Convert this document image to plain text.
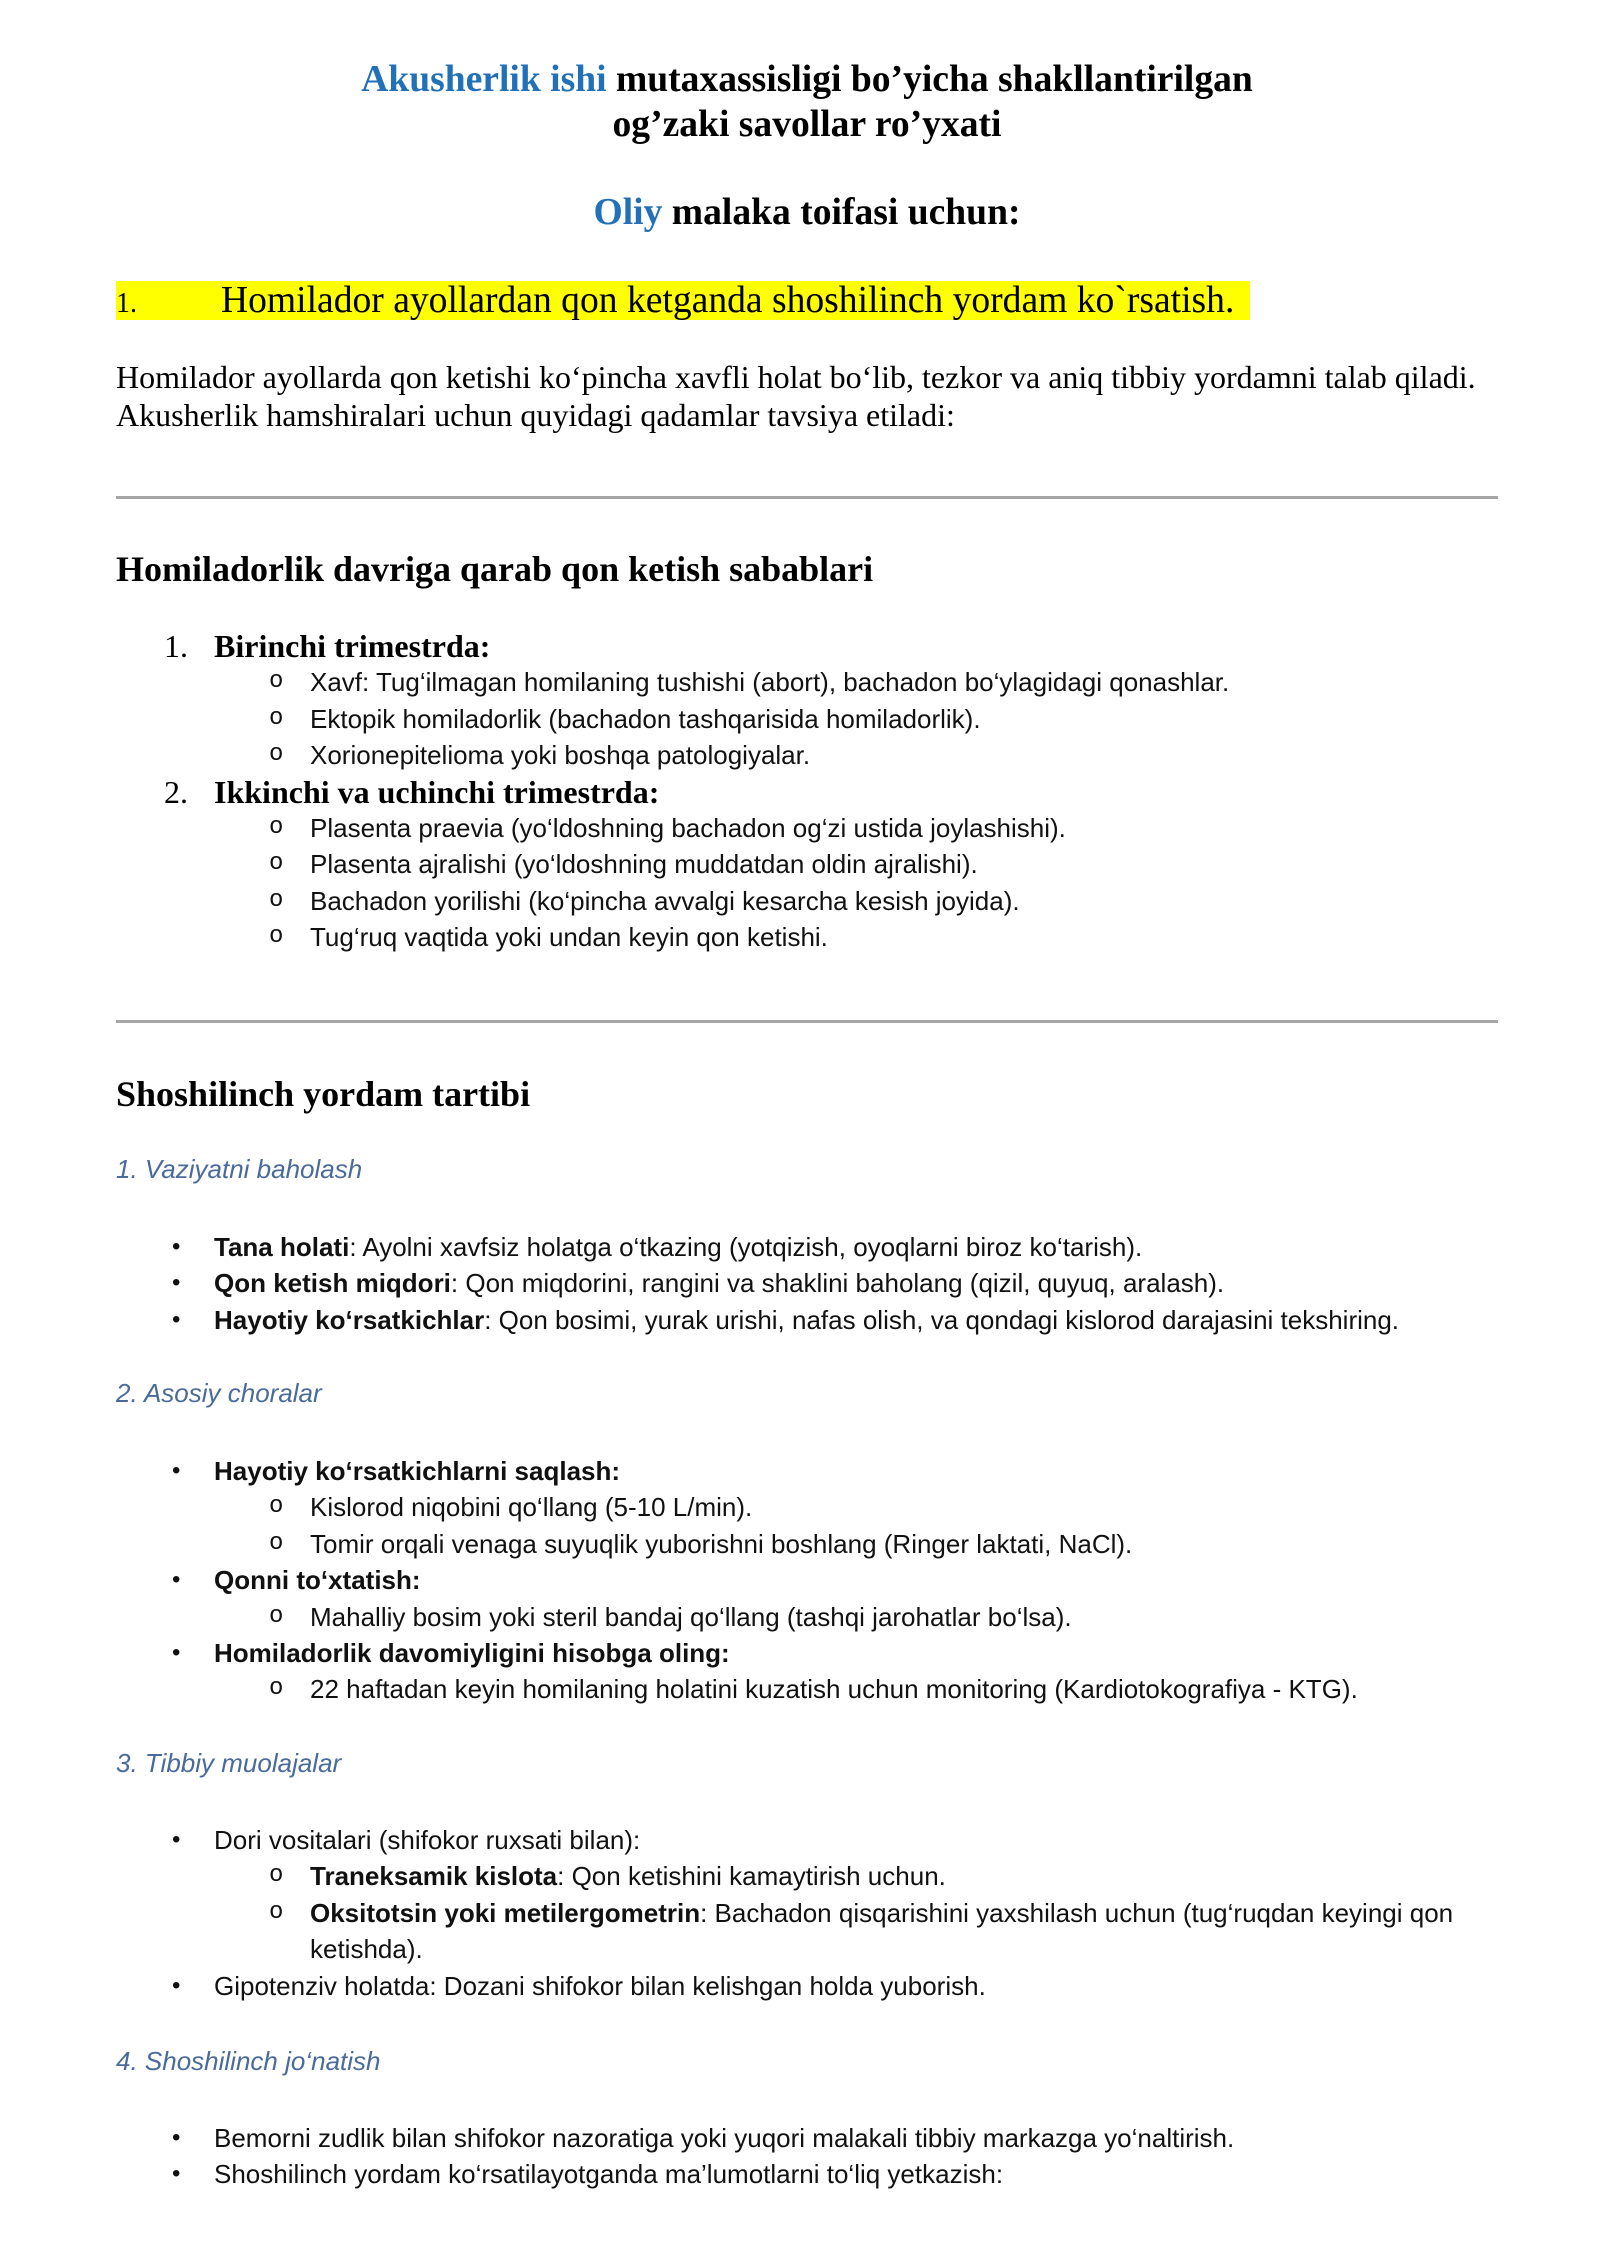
Akusherlik ishi mutaxassisligi bo’yicha shakllantirilgan
og’zaki savollar ro’yxati
Oliy malaka toifasi uchun:
1. Homilador ayollardan qon ketganda shoshilinch yordam ko`rsatish.
Homilador ayollarda qon ketishi ko‘pincha xavfli holat bo‘lib, tezkor va aniq tibbiy yordamni talab qiladi.
Akusherlik hamshiralari uchun quyidagi qadamlar tavsiya etiladi:
Homiladorlik davriga qarab qon ketish sabablari
1. Birinchi trimestrda:
o Xavf: Tug‘ilmagan homilaning tushishi (abort), bachadon bo‘ylagidagi qonashlar.
o Ektopik homiladorlik (bachadon tashqarisida homiladorlik).
o Xorionepitelioma yoki boshqa patologiyalar.
2. Ikkinchi va uchinchi trimestrda:
o Plasenta praevia (yo‘ldoshning bachadon og‘zi ustida joylashishi).
o Plasenta ajralishi (yo‘ldoshning muddatdan oldin ajralishi).
o Bachadon yorilishi (ko‘pincha avvalgi kesarcha kesish joyida).
o Tug‘ruq vaqtida yoki undan keyin qon ketishi.
Shoshilinch yordam tartibi
1. Vaziyatni baholash
• Tana holati: Ayolni xavfsiz holatga o‘tkazing (yotqizish, oyoqlarni biroz ko‘tarish).
• Qon ketish miqdori: Qon miqdorini, rangini va shaklini baholang (qizil, quyuq, aralash).
• Hayotiy ko‘rsatkichlar: Qon bosimi, yurak urishi, nafas olish, va qondagi kislorod darajasini tekshiring.
2. Asosiy choralar
• Hayotiy ko‘rsatkichlarni saqlash:
o Kislorod niqobini qo‘llang (5-10 L/min).
o Tomir orqali venaga suyuqlik yuborishni boshlang (Ringer laktati, NaCl).
• Qonni to‘xtatish:
o Mahalliy bosim yoki steril bandaj qo‘llang (tashqi jarohatlar bo‘lsa).
• Homiladorlik davomiyligini hisobga oling:
o 22 haftadan keyin homilaning holatini kuzatish uchun monitoring (Kardiotokografiya - KTG).
3. Tibbiy muolajalar
• Dori vositalari (shifokor ruxsati bilan):
o Traneksamik kislota: Qon ketishini kamaytirish uchun.
o Oksitotsin yoki metilergometrin: Bachadon qisqarishini yaxshilash uchun (tug‘ruqdan keyingi qon
ketishda).
• Gipotenziv holatda: Dozani shifokor bilan kelishgan holda yuborish.
4. Shoshilinch jo‘natish
• Bemorni zudlik bilan shifokor nazoratiga yoki yuqori malakali tibbiy markazga yo‘naltirish.
• Shoshilinch yordam ko‘rsatilayotganda ma’lumotlarni to‘liq yetkazish:
